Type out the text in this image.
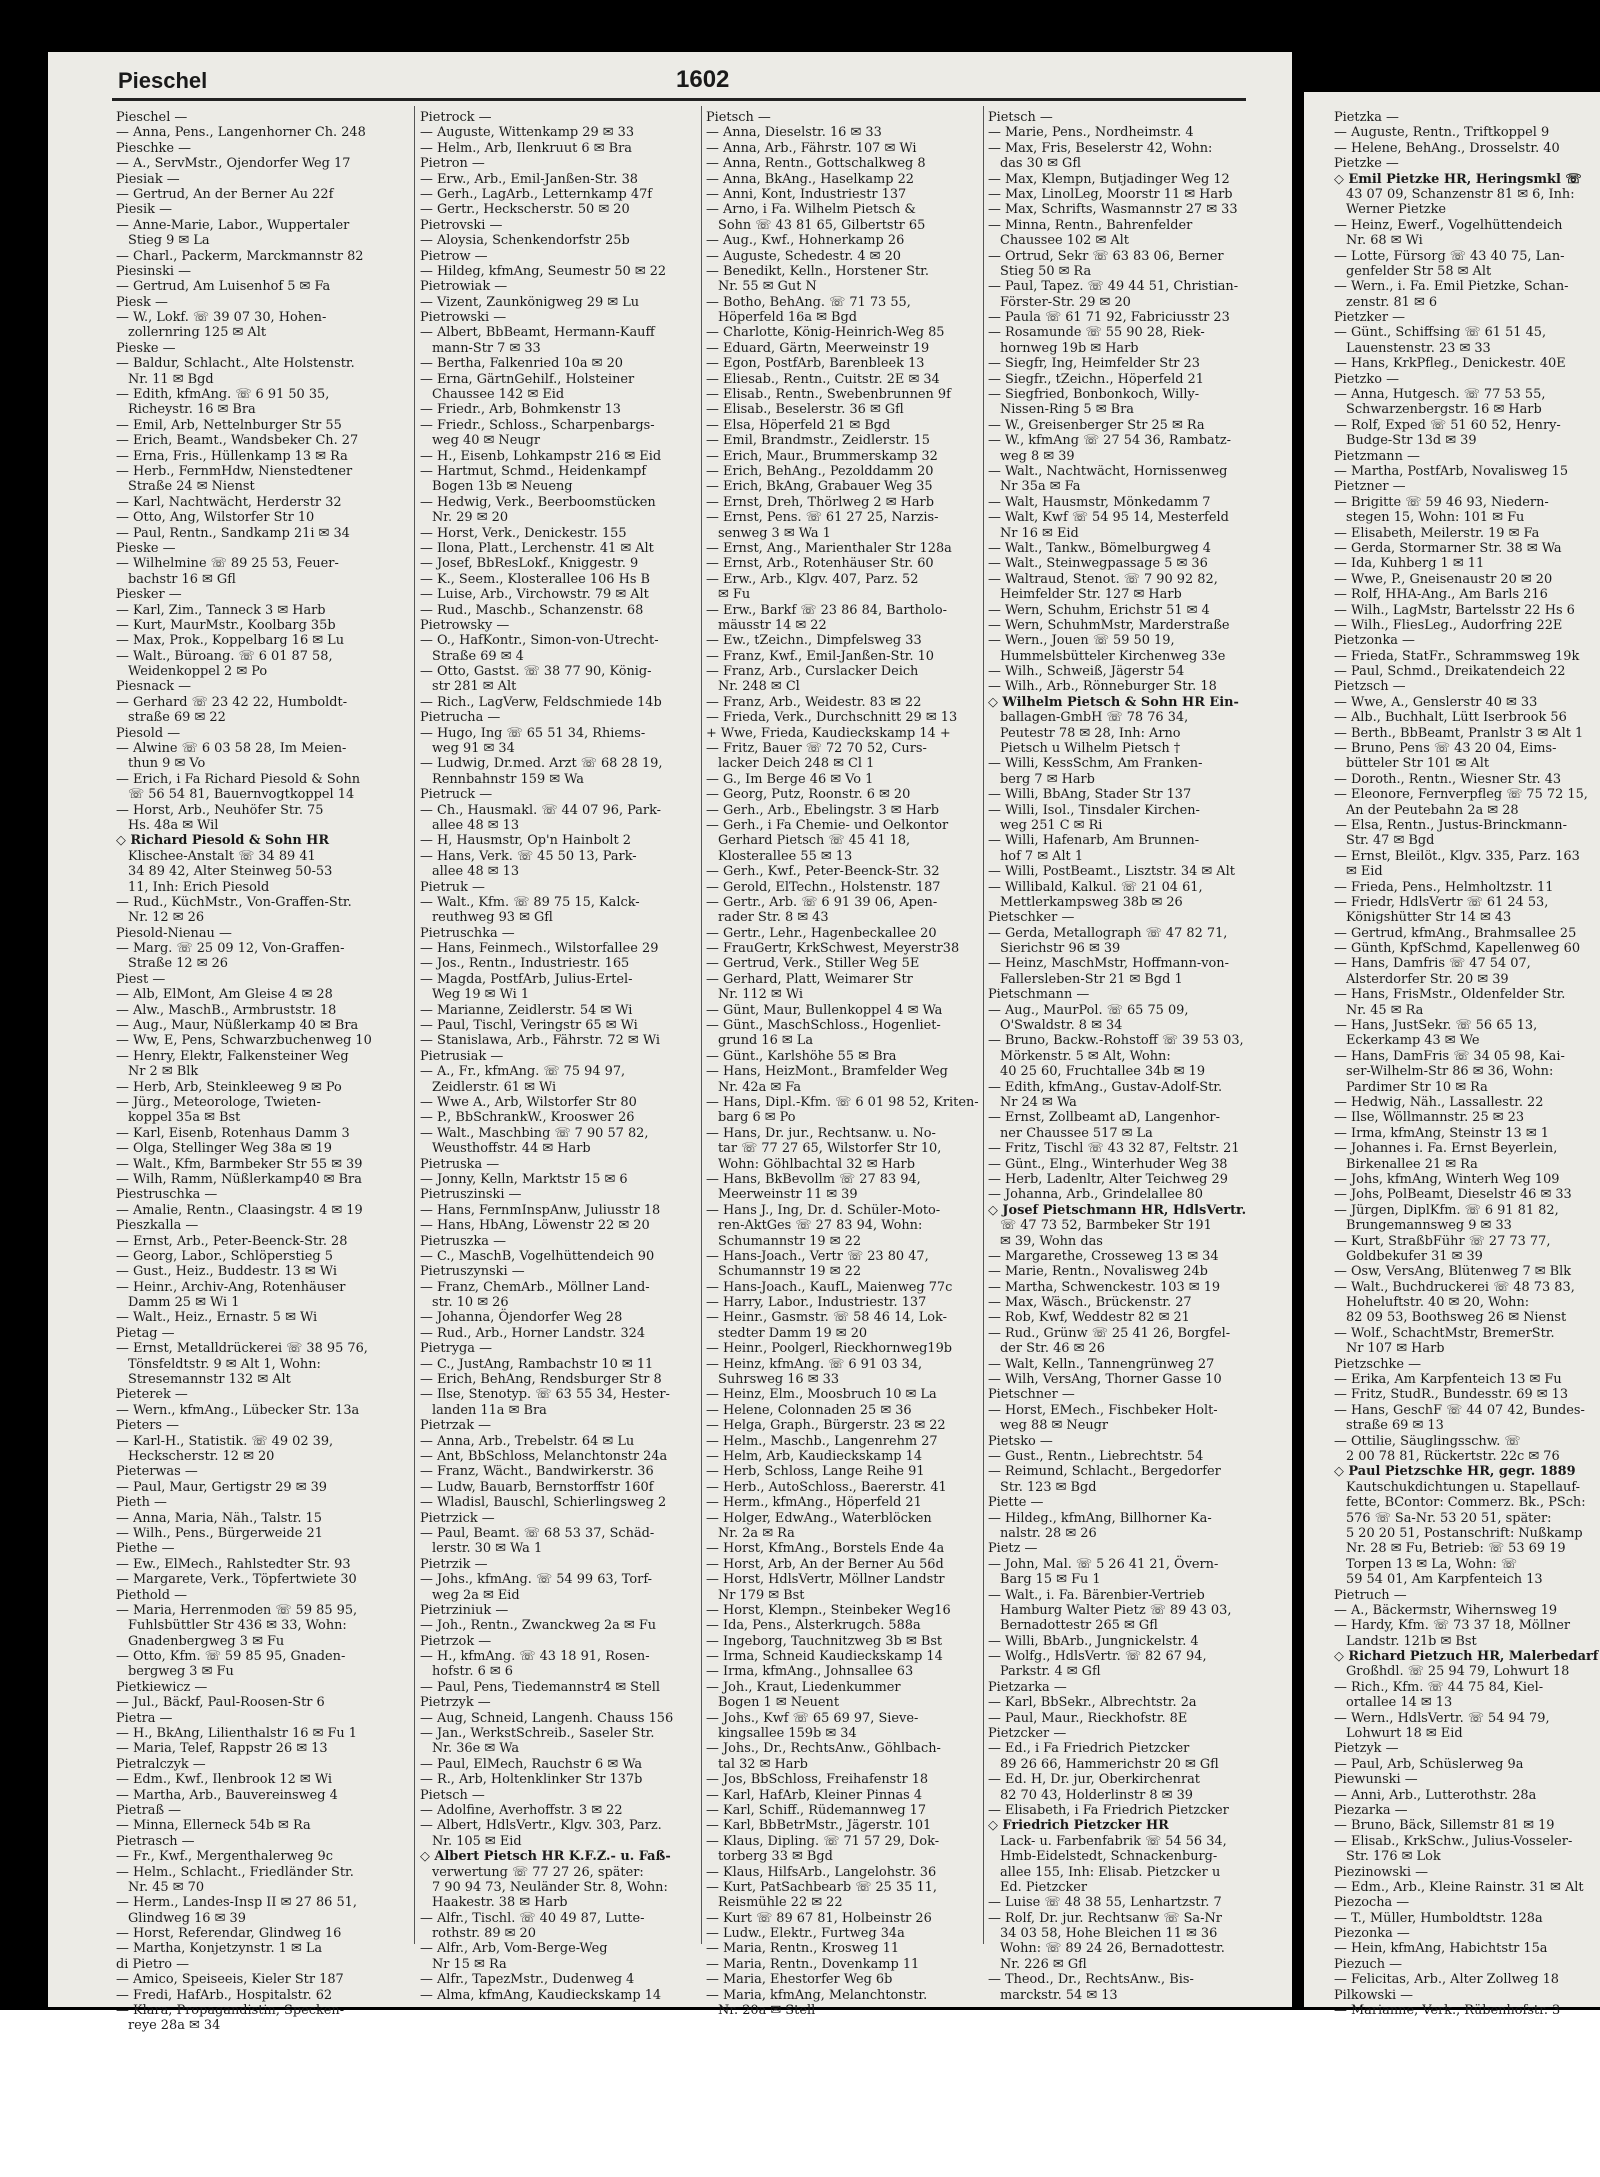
Pieschel	1602
Pieschel —
— Anna, Pens., Langenhorner Ch. 248
Pieschke —
— A., ServMstr., Ojendorfer Weg 17
Piesiak —
— Gertrud, An der Berner Au 22f
Piesik —
— Anne-Marie, Labor., Wuppertaler
Stieg 9 ✉ La
— Charl., Packerm, Marckmannstr 82
Piesinski —
— Gertrud, Am Luisenhof 5 ✉ Fa
Piesk —
— W., Lokf. ☏ 39 07 30, Hohen-
zollernring 125 ✉ Alt
Pieske —
— Baldur, Schlacht., Alte Holstenstr.
Nr. 11 ✉ Bgd
— Edith, kfmAng. ☏ 6 91 50 35,
Richeystr. 16 ✉ Bra
— Emil, Arb, Nettelnburger Str 55
— Erich, Beamt., Wandsbeker Ch. 27
— Erna, Fris., Hüllenkamp 13 ✉ Ra
— Herb., FernmHdw, Nienstedtener
Straße 24 ✉ Nienst
— Karl, Nachtwächt, Herderstr 32
— Otto, Ang, Wilstorfer Str 10
— Paul, Rentn., Sandkamp 21i ✉ 34
Pieske —
— Wilhelmine ☏ 89 25 53, Feuer-
bachstr 16 ✉ Gfl
Piesker —
— Karl, Zim., Tanneck 3 ✉ Harb
— Kurt, MaurMstr., Koolbarg 35b
— Max, Prok., Koppelbarg 16 ✉ Lu
— Walt., Büroang. ☏ 6 01 87 58,
Weidenkoppel 2 ✉ Po
Piesnack —
— Gerhard ☏ 23 42 22, Humboldt-
straße 69 ✉ 22
Piesold —
— Alwine ☏ 6 03 58 28, Im Meien-
thun 9 ✉ Vo
— Erich, i Fa Richard Piesold & Sohn
☏ 56 54 81, Bauernvogtkoppel 14
— Horst, Arb., Neuhöfer Str. 75
Hs. 48a ✉ Wil
◇ Richard Piesold & Sohn HR
Klischee-Anstalt ☏ 34 89 41
34 89 42, Alter Steinweg 50-53
11, Inh: Erich Piesold
— Rud., KüchMstr., Von-Graffen-Str.
Nr. 12 ✉ 26
Piesold-Nienau —
— Marg. ☏ 25 09 12, Von-Graffen-
Straße 12 ✉ 26
Piest —
— Alb, ElMont, Am Gleise 4 ✉ 28
— Alw., MaschB., Armbruststr. 18
— Aug., Maur, Nüßlerkamp 40 ✉ Bra
— Ww, E, Pens, Schwarzbuchenweg 10
— Henry, Elektr, Falkensteiner Weg
Nr 2 ✉ Blk
— Herb, Arb, Steinkleeweg 9 ✉ Po
— Jürg., Meteorologe, Twieten-
koppel 35a ✉ Bst
— Karl, Eisenb, Rotenhaus Damm 3
— Olga, Stellinger Weg 38a ✉ 19
— Walt., Kfm, Barmbeker Str 55 ✉ 39
— Wilh, Ramm, Nüßlerkamp40 ✉ Bra
Piestruschka —
— Amalie, Rentn., Claasingstr. 4 ✉ 19
Pieszkalla —
— Ernst, Arb., Peter-Beenck-Str. 28
— Georg, Labor., Schlöperstieg 5
— Gust., Heiz., Buddestr. 13 ✉ Wi
— Heinr., Archiv-Ang, Rotenhäuser
Damm 25 ✉ Wi 1
— Walt., Heiz., Ernastr. 5 ✉ Wi
Pietag —
— Ernst, Metalldrückerei ☏ 38 95 76,
Tönsfeldtstr. 9 ✉ Alt 1, Wohn:
Stresemannstr 132 ✉ Alt
Pieterek —
— Wern., kfmAng., Lübecker Str. 13a
Pieters —
— Karl-H., Statistik. ☏ 49 02 39,
Heckscherstr. 12 ✉ 20
Pieterwas —
— Paul, Maur, Gertigstr 29 ✉ 39
Pieth —
— Anna, Maria, Näh., Talstr. 15
— Wilh., Pens., Bürgerweide 21
Piethe —
— Ew., ElMech., Rahlstedter Str. 93
— Margarete, Verk., Töpfertwiete 30
Piethold —
— Maria, Herrenmoden ☏ 59 85 95,
Fuhlsbüttler Str 436 ✉ 33, Wohn:
Gnadenbergweg 3 ✉ Fu
— Otto, Kfm. ☏ 59 85 95, Gnaden-
bergweg 3 ✉ Fu
Pietkiewicz —
— Jul., Bäckf, Paul-Roosen-Str 6
Pietra —
— H., BkAng, Lilienthalstr 16 ✉ Fu 1
— Maria, Telef, Rappstr 26 ✉ 13
Pietralczyk —
— Edm., Kwf., Ilenbrook 12 ✉ Wi
— Martha, Arb., Bauvereinsweg 4
Pietraß —
— Minna, Ellerneck 54b ✉ Ra
Pietrasch —
— Fr., Kwf., Mergenthalerweg 9c
— Helm., Schlacht., Friedländer Str.
Nr. 45 ✉ 70
— Herm., Landes-Insp II ✉ 27 86 51,
Glindweg 16 ✉ 39
— Horst, Referendar, Glindweg 16
— Martha, Konjetzynstr. 1 ✉ La
di Pietro —
— Amico, Speiseeis, Kieler Str 187
— Fredi, HafArb., Hospitalstr. 62
— Klara, Propagandistin, Specken-
reye 28a ✉ 34
Pietrock —
— Auguste, Wittenkamp 29 ✉ 33
— Helm., Arb, Ilenkruut 6 ✉ Bra
Pietron —
— Erw., Arb., Emil-Janßen-Str. 38
— Gerh., LagArb., Letternkamp 47f
— Gertr., Heckscherstr. 50 ✉ 20
Pietrovski —
— Aloysia, Schenkendorfstr 25b
Pietrow —
— Hildeg, kfmAng, Seumestr 50 ✉ 22
Pietrowiak —
— Vizent, Zaunkönigweg 29 ✉ Lu
Pietrowski —
— Albert, BbBeamt, Hermann-Kauff
mann-Str 7 ✉ 33
— Bertha, Falkenried 10a ✉ 20
— Erna, GärtnGehilf., Holsteiner
Chaussee 142 ✉ Eid
— Friedr., Arb, Bohmkenstr 13
— Friedr., Schloss., Scharpenbargs-
weg 40 ✉ Neugr
— H., Eisenb, Lohkampstr 216 ✉ Eid
— Hartmut, Schmd., Heidenkampf
Bogen 13b ✉ Neueng
— Hedwig, Verk., Beerboomstücken
Nr. 29 ✉ 20
— Horst, Verk., Denickestr. 155
— Ilona, Platt., Lerchenstr. 41 ✉ Alt
— Josef, BbResLokf., Kniggestr. 9
— K., Seem., Klosterallee 106 Hs B
— Luise, Arb., Virchowstr. 79 ✉ Alt
— Rud., Maschb., Schanzenstr. 68
Pietrowsky —
— O., HafKontr., Simon-von-Utrecht-
Straße 69 ✉ 4
— Otto, Gastst. ☏ 38 77 90, König-
str 281 ✉ Alt
— Rich., LagVerw, Feldschmiede 14b
Pietrucha —
— Hugo, Ing ☏ 65 51 34, Rhiems-
weg 91 ✉ 34
— Ludwig, Dr.med. Arzt ☏ 68 28 19,
Rennbahnstr 159 ✉ Wa
Pietruck —
— Ch., Hausmakl. ☏ 44 07 96, Park-
allee 48 ✉ 13
— H, Hausmstr, Op'n Hainbolt 2
— Hans, Verk. ☏ 45 50 13, Park-
allee 48 ✉ 13
Pietruk —
— Walt., Kfm. ☏ 89 75 15, Kalck-
reuthweg 93 ✉ Gfl
Pietruschka —
— Hans, Feinmech., Wilstorfallee 29
— Jos., Rentn., Industriestr. 165
— Magda, PostfArb, Julius-Ertel-
Weg 19 ✉ Wi 1
— Marianne, Zeidlerstr. 54 ✉ Wi
— Paul, Tischl, Veringstr 65 ✉ Wi
— Stanislawa, Arb., Fährstr. 72 ✉ Wi
Pietrusiak —
— A., Fr., kfmAng. ☏ 75 94 97,
Zeidlerstr. 61 ✉ Wi
— Wwe A., Arb, Wilstorfer Str 80
— P., BbSchrankW., Krooswег 26
— Walt., Maschbing ☏ 7 90 57 82,
Weusthoffstr. 44 ✉ Harb
Pietruska —
— Jonny, Kelln, Marktstr 15 ✉ 6
Pietruszinski —
— Hans, FernmInspAnw, Juliusstr 18
— Hans, HbAng, Löwenstr 22 ✉ 20
Pietruszka —
— C., MaschB, Vogelhüttendeich 90
Pietruszynski —
— Franz, ChemArb., Möllner Land-
str. 10 ✉ 26
— Johanna, Öjendorfer Weg 28
— Rud., Arb., Horner Landstr. 324
Pietryga —
— C., JustAng, Rambachstr 10 ✉ 11
— Erich, BehAng, Rendsburger Str 8
— Ilse, Stenotyp. ☏ 63 55 34, Hester-
landen 11a ✉ Bra
Pietrzak —
— Anna, Arb., Trebelstr. 64 ✉ Lu
— Ant, BbSchloss, Melanchtonstr 24a
— Franz, Wächt., Bandwirkerstr. 36
— Ludw, Bauarb, Bernstorffstr 160f
— Wladisl, Bauschl, Schierlingsweg 2
Pietrzick —
— Paul, Beamt. ☏ 68 53 37, Schäd-
lerstr. 30 ✉ Wa 1
Pietrzik —
— Johs., kfmAng. ☏ 54 99 63, Torf-
weg 2a ✉ Eid
Pietrziniuk —
— Joh., Rentn., Zwanckweg 2a ✉ Fu
Pietrzok —
— H., kfmAng. ☏ 43 18 91, Rosen-
hofstr. 6 ✉ 6
— Paul, Pens, Tiedemannstr4 ✉ Stell
Pietrzyk —
— Aug, Schneid, Langenh. Chauss 156
— Jan., WerkstSchreib., Saseler Str.
Nr. 36e ✉ Wa
— Paul, ElMech, Rauchstr 6 ✉ Wa
— R., Arb, Holtenklinker Str 137b
Pietsch —
— Adolfine, Averhoffstr. 3 ✉ 22
— Albert, HdlsVertr., Klgv. 303, Parz.
Nr. 105 ✉ Eid
◇ Albert Pietsch HR K.F.Z.- u. Faß-
verwertung ☏ 77 27 26, später:
7 90 94 73, Neuländer Str. 8, Wohn:
Haakestr. 38 ✉ Harb
— Alfr., Tischl. ☏ 40 49 87, Lutte-
rothstr. 89 ✉ 20
— Alfr., Arb, Vom-Berge-Weg
Nr 15 ✉ Ra
— Alfr., TapezMstr., Dudenweg 4
— Alma, kfmAng, Kaudieckskamp 14
Pietsch —
— Anna, Dieselstr. 16 ✉ 33
— Anna, Arb., Fährstr. 107 ✉ Wi
— Anna, Rentn., Gottschalkweg 8
— Anna, BkAng., Haselkamp 22
— Anni, Kont, Industriestr 137
— Arno, i Fa. Wilhelm Pietsch &
Sohn ☏ 43 81 65, Gilbertstr 65
— Aug., Kwf., Hohnerkamp 26
— Auguste, Schedestr. 4 ✉ 20
— Benedikt, Kelln., Horstener Str.
Nr. 55 ✉ Gut N
— Botho, BehAng. ☏ 71 73 55,
Höperfeld 16a ✉ Bgd
— Charlotte, König-Heinrich-Weg 85
— Eduard, Gärtn, Meerweinstr 19
— Egon, PostfArb, Barenbleek 13
— Eliesab., Rentn., Cuitstr. 2E ✉ 34
— Elisab., Rentn., Swebenbrunnen 9f
— Elisab., Beselerstr. 36 ✉ Gfl
— Elsa, Höperfeld 21 ✉ Bgd
— Emil, Brandmstr., Zeidlerstr. 15
— Erich, Maur., Brummerskamp 32
— Erich, BehAng., Pezolddamm 20
— Erich, BkAng, Grabauer Weg 35
— Ernst, Dreh, Thörlweg 2 ✉ Harb
— Ernst, Pens. ☏ 61 27 25, Narzis-
senweg 3 ✉ Wa 1
— Ernst, Ang., Marienthaler Str 128a
— Ernst, Arb., Rotenhäuser Str. 60
— Erw., Arb., Klgv. 407, Parz. 52
✉ Fu
— Erw., Barkf ☏ 23 86 84, Bartholo-
mäusstr 14 ✉ 22
— Ew., tZeichn., Dimpfelsweg 33
— Franz, Kwf., Emil-Janßen-Str. 10
— Franz, Arb., Curslacker Deich
Nr. 248 ✉ Cl
— Franz, Arb., Weidestr. 83 ✉ 22
— Frieda, Verk., Durchschnitt 29 ✉ 13
+ Wwe, Frieda, Kaudieckskamp 14 +
— Fritz, Bauer ☏ 72 70 52, Curs-
lacker Deich 248 ✉ Cl 1
— G., Im Berge 46 ✉ Vo 1
— Georg, Putz, Roonstr. 6 ✉ 20
— Gerh., Arb., Ebelingstr. 3 ✉ Harb
— Gerh., i Fa Chemie- und Oelkontor
Gerhard Pietsch ☏ 45 41 18,
Klosterallee 55 ✉ 13
— Gerh., Kwf., Peter-Beenck-Str. 32
— Gerold, ElTechn., Holstenstr. 187
— Gertr., Arb. ☏ 6 91 39 06, Apen-
rader Str. 8 ✉ 43
— Gertr., Lehr., Hagenbeckallee 20
— FrauGertr, KrkSchwest, Meyerstr38
— Gertrud, Verk., Stiller Weg 5E
— Gerhard, Platt, Weimarer Str
Nr. 112 ✉ Wi
— Günt, Maur, Bullenkoppel 4 ✉ Wa
— Günt., MaschSchloss., Hogenliet-
grund 16 ✉ La
— Günt., Karlshöhe 55 ✉ Bra
— Hans, HeizMont., Bramfelder Weg
Nr. 42a ✉ Fa
— Hans, Dipl.-Kfm. ☏ 6 01 98 52, Kriten-
barg 6 ✉ Po
— Hans, Dr. jur., Rechtsanw. u. No-
tar ☏ 77 27 65, Wilstorfer Str 10,
Wohn: Göhlbachtal 32 ✉ Harb
— Hans, BkBevollm ☏ 27 83 94,
Meerweinstr 11 ✉ 39
— Hans J., Ing, Dr. d. Schüler-Moto-
ren-AktGes ☏ 27 83 94, Wohn:
Schumannstr 19 ✉ 22
— Hans-Joach., Vertr ☏ 23 80 47,
Schumannstr 19 ✉ 22
— Hans-Joach., KaufL, Maienweg 77c
— Harry, Labor., Industriestr. 137
— Heinr., Gasmstr. ☏ 58 46 14, Lok-
stedter Damm 19 ✉ 20
— Heinr., Poolgerl, Rieckhornweg19b
— Heinz, kfmAng. ☏ 6 91 03 34,
Suhrsweg 16 ✉ 33
— Heinz, Elm., Moosbruch 10 ✉ La
— Helene, Colonnaden 25 ✉ 36
— Helga, Graph., Bürgerstr. 23 ✉ 22
— Helm., Maschb., Langenrehm 27
— Helm, Arb, Kaudieckskamp 14
— Herb, Schloss, Lange Reihe 91
— Herb., AutoSchloss., Baererstr. 41
— Herm., kfmAng., Höperfeld 21
— Holger, EdwAng., Waterblöcken
Nr. 2a ✉ Ra
— Horst, KfmAng., Borstels Ende 4a
— Horst, Arb, An der Berner Au 56d
— Horst, HdlsVertr, Möllner Landstr
Nr 179 ✉ Bst
— Horst, Klempn., Steinbeker Weg16
— Ida, Pens., Alsterkrugch. 588a
— Ingeborg, Tauchnitzweg 3b ✉ Bst
— Irma, Schneid Kaudieckskamp 14
— Irma, kfmAng., Johnsallee 63
— Joh., Kraut, Liedenkummer
Bogen 1 ✉ Neuent
— Johs., Kwf ☏ 65 69 97, Sieve-
kingsallee 159b ✉ 34
— Johs., Dr., RechtsAnw., Göhlbach-
tal 32 ✉ Harb
— Jos, BbSchloss, Freihafenstr 18
— Karl, HafArb, Kleiner Pinnas 4
— Karl, Schiff., Rüdemannweg 17
— Karl, BbBetrMstr., Jägerstr. 101
— Klaus, Dipling. ☏ 71 57 29, Dok-
torberg 33 ✉ Bgd
— Klaus, HilfsArb., Langelohstr. 36
— Kurt, PatSachbearb ☏ 25 35 11,
Reismühle 22 ✉ 22
— Kurt ☏ 89 67 81, Holbeinstr 26
— Ludw., Elektr., Furtweg 34a
— Maria, Rentn., Krosweg 11
— Maria, Rentn., Dovenkamp 11
— Maria, Ehestorfer Weg 6b
— Maria, kfmAng, Melanchtonstr.
Nr. 20a ✉ Stell
Pietsch —
— Marie, Pens., Nordheimstr. 4
— Max, Fris, Beselerstr 42, Wohn:
das 30 ✉ Gfl
— Max, Klempn, Butjadinger Weg 12
— Max, LinolLeg, Moorstr 11 ✉ Harb
— Max, Schrifts, Wasmannstr 27 ✉ 33
— Minna, Rentn., Bahrenfelder
Chaussee 102 ✉ Alt
— Ortrud, Sekr ☏ 63 83 06, Berner
Stieg 50 ✉ Ra
— Paul, Tapez. ☏ 49 44 51, Christian-
Förster-Str. 29 ✉ 20
— Paula ☏ 61 71 92, Fabriciusstr 23
— Rosamunde ☏ 55 90 28, Riek-
hornweg 19b ✉ Harb
— Siegfr, Ing, Heimfelder Str 23
— Siegfr., tZeichn., Höperfeld 21
— Siegfried, Bonbonkoch, Willy-
Nissen-Ring 5 ✉ Bra
— W., Greisenberger Str 25 ✉ Ra
— W., kfmAng ☏ 27 54 36, Rambatz-
weg 8 ✉ 39
— Walt., Nachtwächt, Hornissenweg
Nr 35a ✉ Fa
— Walt, Hausmstr, Mönkedamm 7
— Walt, Kwf ☏ 54 95 14, Mesterfeld
Nr 16 ✉ Eid
— Walt., Tankw., Bömelburgweg 4
— Walt., Steinwegpassage 5 ✉ 36
— Waltraud, Stenot. ☏ 7 90 92 82,
Heimfelder Str. 127 ✉ Harb
— Wern, Schuhm, Erichstr 51 ✉ 4
— Wern, SchuhmMstr, Marderstraße
— Wern., Jouen ☏ 59 50 19,
Hummelsbütteler Kirchenweg 33e
— Wilh., Schweiß, Jägerstr 54
— Wilh., Arb., Rönneburger Str. 18
◇ Wilhelm Pietsch & Sohn HR Ein-
ballagen-GmbH ☏ 78 76 34,
Peutestr 78 ✉ 28, Inh: Arno
Pietsch u Wilhelm Pietsch †
— Willi, KessSchm, Am Franken-
berg 7 ✉ Harb
— Willi, BbAng, Stader Str 137
— Willi, Isol., Tinsdaler Kirchen-
weg 251 C ✉ Ri
— Willi, Hafenarb, Am Brunnen-
hof 7 ✉ Alt 1
— Willi, PostBeamt., Lisztstr. 34 ✉ Alt
— Willibald, Kalkul. ☏ 21 04 61,
Mettlerkampsweg 38b ✉ 26
Pietschker —
— Gerda, Metallograph ☏ 47 82 71,
Sierichstr 96 ✉ 39
— Heinz, MaschMstr, Hoffmann-von-
Fallersleben-Str 21 ✉ Bgd 1
Pietschmann —
— Aug., MaurPol. ☏ 65 75 09,
O'Swaldstr. 8 ✉ 34
— Bruno, Backw.-Rohstoff ☏ 39 53 03,
Mörkenstr. 5 ✉ Alt, Wohn:
40 25 60, Fruchtallee 34b ✉ 19
— Edith, kfmAng., Gustav-Adolf-Str.
Nr 24 ✉ Wa
— Ernst, Zollbeamt aD, Langenhor-
ner Chaussee 517 ✉ La
— Fritz, Tischl ☏ 43 32 87, Feltstr. 21
— Günt., Elng., Winterhuder Weg 38
— Herb, Ladenltr, Alter Teichweg 29
— Johanna, Arb., Grindelallee 80
◇ Josef Pietschmann HR, HdlsVertr.
☏ 47 73 52, Barmbeker Str 191
✉ 39, Wohn das
— Margarethe, Crosseweg 13 ✉ 34
— Marie, Rentn., Novalisweg 24b
— Martha, Schwenckestr. 103 ✉ 19
— Max, Wäsch., Brückenstr. 27
— Rob, Kwf, Weddestr 82 ✉ 21
— Rud., Grünw ☏ 25 41 26, Borgfel-
der Str. 46 ✉ 26
— Walt, Kelln., Tannengrünweg 27
— Wilh, VersAng, Thorner Gasse 10
Pietschner —
— Horst, EMech., Fischbeker Holt-
weg 88 ✉ Neugr
Pietsko —
— Gust., Rentn., Liebrechtstr. 54
— Reimund, Schlacht., Bergedorfer
Str. 123 ✉ Bgd
Piette —
— Hildeg., kfmAng, Billhorner Ka-
nalstr. 28 ✉ 26
Pietz —
— John, Mal. ☏ 5 26 41 21, Övern-
Barg 15 ✉ Fu 1
— Walt., i. Fa. Bärenbier-Vertrieb
Hamburg Walter Pietz ☏ 89 43 03,
Bernadottestr 265 ✉ Gfl
— Willi, BbArb., Jungnickelstr. 4
— Wolfg., HdlsVertr. ☏ 82 67 94,
Parkstr. 4 ✉ Gfl
Pietzarka —
— Karl, BbSekr., Albrechtstr. 2a
— Paul, Maur., Rieckhofstr. 8E
Pietzcker —
— Ed., i Fa Friedrich Pietzcker
89 26 66, Hammerichstr 20 ✉ Gfl
— Ed. H, Dr. jur, Oberkirchenrat
82 70 43, Holderlinstr 8 ✉ 39
— Elisabeth, i Fa Friedrich Pietzcker
◇ Friedrich Pietzcker HR
Lack- u. Farbenfabrik ☏ 54 56 34,
Hmb-Eidelstedt, Schnackenburg-
allee 155, Inh: Elisab. Pietzcker u
Ed. Pietzcker
— Luise ☏ 48 38 55, Lenhartzstr. 7
— Rolf, Dr. jur. Rechtsanw ☏ Sa-Nr
34 03 58, Hohe Bleichen 11 ✉ 36
Wohn: ☏ 89 24 26, Bernadottestr.
Nr. 226 ✉ Gfl
— Theod., Dr., RechtsAnw., Bis-
marckstr. 54 ✉ 13
Pietzka —
— Auguste, Rentn., Triftkoppel 9
— Helene, BehAng., Drosselstr. 40
Pietzke —
◇ Emil Pietzke HR, Heringsmkl ☏
43 07 09, Schanzenstr 81 ✉ 6, Inh:
Werner Pietzke
— Heinz, Ewerf., Vogelhüttendeich
Nr. 68 ✉ Wi
— Lotte, Fürsorg ☏ 43 40 75, Lan-
genfelder Str 58 ✉ Alt
— Wern., i. Fa. Emil Pietzke, Schan-
zenstr. 81 ✉ 6
Pietzker —
— Günt., Schiffsing ☏ 61 51 45,
Lauenstenstr. 23 ✉ 33
— Hans, KrkPfleg., Denickestr. 40E
Pietzko —
— Anna, Hutgesch. ☏ 77 53 55,
Schwarzenbergstr. 16 ✉ Harb
— Rolf, Exped ☏ 51 60 52, Henry-
Budge-Str 13d ✉ 39
Pietzmann —
— Martha, PostfArb, Novalisweg 15
Pietzner —
— Brigitte ☏ 59 46 93, Niedern-
stegen 15, Wohn: 101 ✉ Fu
— Elisabeth, Meilerstr. 19 ✉ Fa
— Gerda, Stormarner Str. 38 ✉ Wa
— Ida, Kuhberg 1 ✉ 11
— Wwe, P., Gneisenaustr 20 ✉ 20
— Rolf, HHA-Ang., Am Barls 216
— Wilh., LagMstr, Bartelsstr 22 Hs 6
— Wilh., FliesLeg., Audorfring 22E
Pietzonka —
— Frieda, StatFr., Schrammsweg 19k
— Paul, Schmd., Dreikatendeich 22
Pietzsch —
— Wwe, A., Genslerstr 40 ✉ 33
— Alb., Buchhalt, Lütt Iserbrook 56
— Berth., BbBeamt, Pranlstr 3 ✉ Alt 1
— Bruno, Pens ☏ 43 20 04, Eims-
bütteler Str 101 ✉ Alt
— Doroth., Rentn., Wiesner Str. 43
— Eleonore, Fernverpfleg ☏ 75 72 15,
An der Peutebahn 2a ✉ 28
— Elsa, Rentn., Justus-Brinckmann-
Str. 47 ✉ Bgd
— Ernst, Bleilöt., Klgv. 335, Parz. 163
✉ Eid
— Frieda, Pens., Helmholtzstr. 11
— Friedr, HdlsVertr ☏ 61 24 53,
Königshütter Str 14 ✉ 43
— Gertrud, kfmAng., Brahmsallee 25
— Günth, KpfSchmd, Kapellenweg 60
— Hans, Damfris ☏ 47 54 07,
Alsterdorfer Str. 20 ✉ 39
— Hans, FrisMstr., Oldenfelder Str.
Nr. 45 ✉ Ra
— Hans, JustSekr. ☏ 56 65 13,
Eckerkamp 43 ✉ We
— Hans, DamFris ☏ 34 05 98, Kai-
ser-Wilhelm-Str 86 ✉ 36, Wohn:
Pardimer Str 10 ✉ Ra
— Hedwig, Näh., Lassallestr. 22
— Ilse, Wöllmannstr. 25 ✉ 23
— Irma, kfmAng, Steinstr 13 ✉ 1
— Johannes i. Fa. Ernst Beyerlein,
Birkenallee 21 ✉ Ra
— Johs, kfmAng, Winterh Weg 109
— Johs, PolBeamt, Dieselstr 46 ✉ 33
— Jürgen, DiplKfm. ☏ 6 91 81 82,
Brungemannsweg 9 ✉ 33
— Kurt, StraßbFühr ☏ 27 73 77,
Goldbekufer 31 ✉ 39
— Osw, VersAng, Blütenweg 7 ✉ Blk
— Walt., Buchdruckerei ☏ 48 73 83,
Hoheluftstr. 40 ✉ 20, Wohn:
82 09 53, Boothsweg 26 ✉ Nienst
— Wolf., SchachtMstr, BremerStr.
Nr 107 ✉ Harb
Pietzschke —
— Erika, Am Karpfenteich 13 ✉ Fu
— Fritz, StudR., Bundesstr. 69 ✉ 13
— Hans, GeschF ☏ 44 07 42, Bundes-
straße 69 ✉ 13
— Ottilie, Säuglingsschw. ☏
2 00 78 81, Rückertstr. 22c ✉ 76
◇ Paul Pietzschke HR, gegr. 1889
Kautschukdichtungen u. Stapellauf-
fette, BContor: Commerz. Bk., PSch:
576 ☏ Sa-Nr. 53 20 51, später:
5 20 20 51, Postanschrift: Nußkamp
Nr. 28 ✉ Fu, Betrieb: ☏ 53 69 19
Torpen 13 ✉ La, Wohn: ☏
59 54 01, Am Karpfenteich 13
Pietruch —
— A., Bäckermstr, Wihernsweg 19
— Hardy, Kfm. ☏ 73 37 18, Möllner
Landstr. 121b ✉ Bst
◇ Richard Pietzuch HR, Malerbedarf
Großhdl. ☏ 25 94 79, Lohwurt 18
— Rich., Kfm. ☏ 44 75 84, Kiel-
ortallee 14 ✉ 13
— Wern., HdlsVertr. ☏ 54 94 79,
Lohwurt 18 ✉ Eid
Pietzyk —
— Paul, Arb, Schüslerweg 9a
Piewunski —
— Anni, Arb., Lutterothstr. 28a
Piezarka —
— Bruno, Bäck, Sillemstr 81 ✉ 19
— Elisab., KrkSchw., Julius-Vosseler-
Str. 176 ✉ Lok
Piezinowski —
— Edm., Arb., Kleine Rainstr. 31 ✉ Alt
Piezocha —
— T., Müller, Humboldtstr. 128a
Piezonka —
— Hein, kfmAng, Habichtstr 15a
Piezuch —
— Felicitas, Arb., Alter Zollweg 18
Pilkowski —
— Marianne, Verk., Rübenhofstr. 3
